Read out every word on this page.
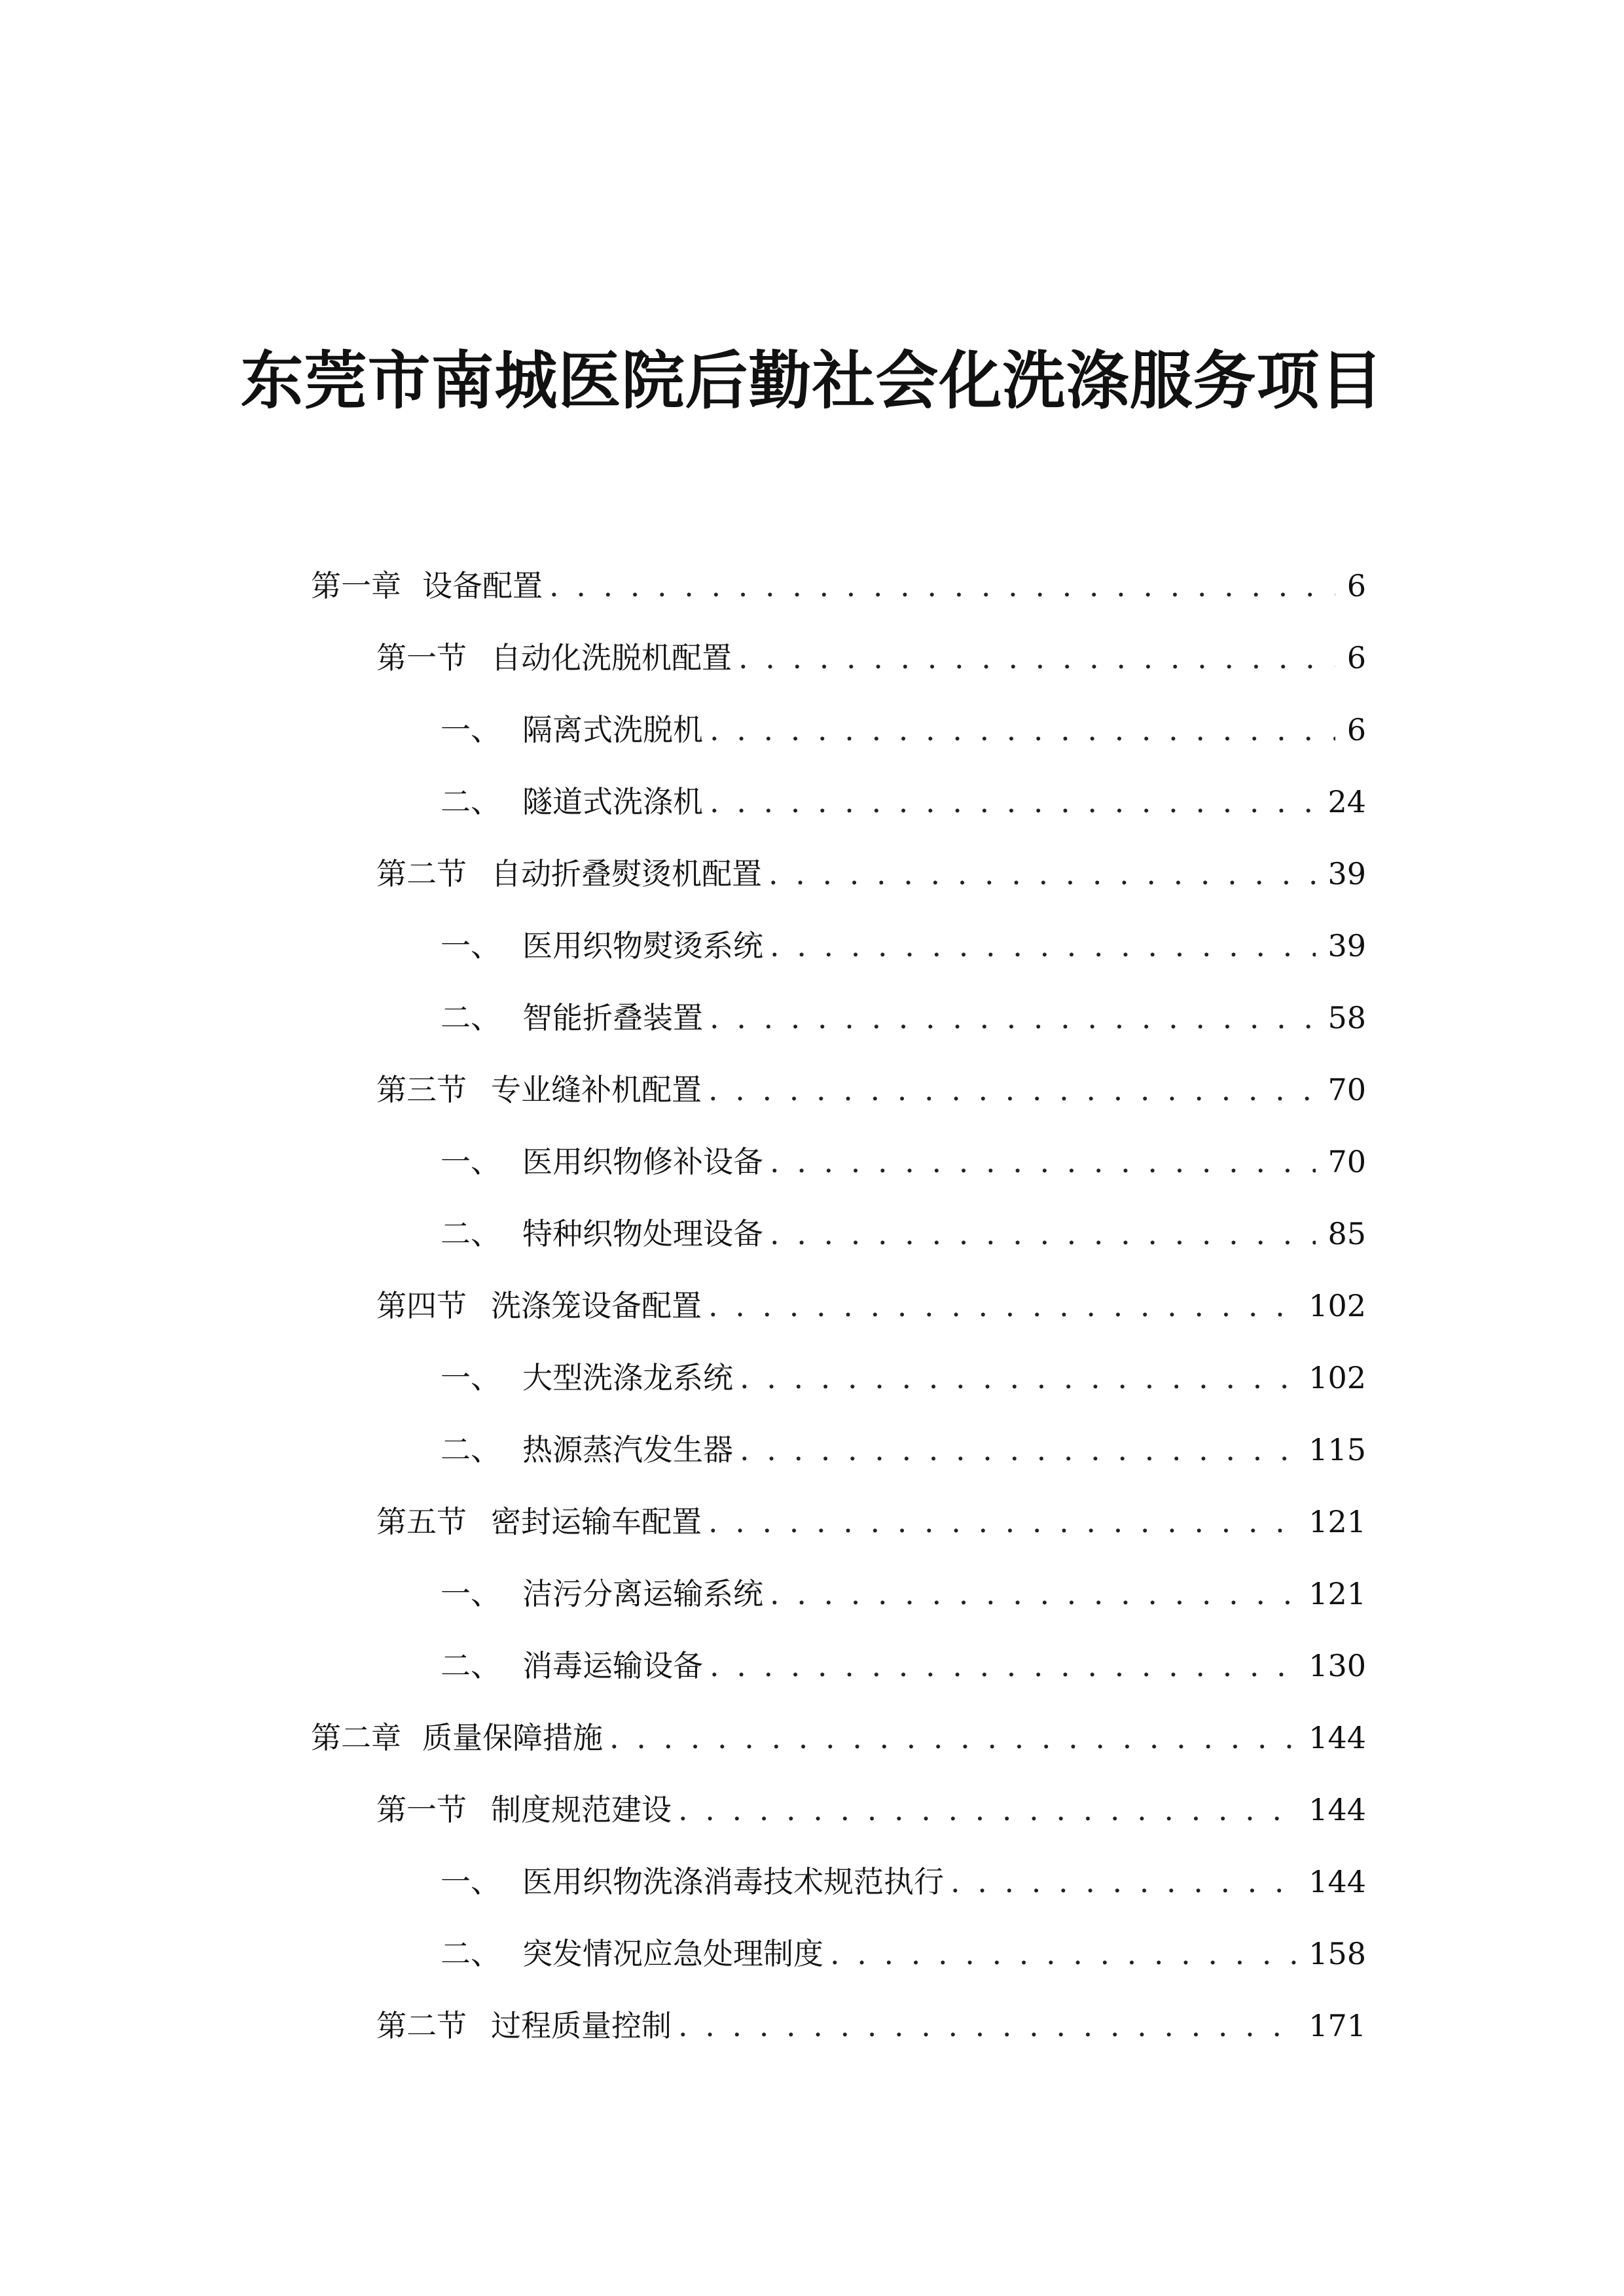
东莞市南城医院后勤社会化洗涤服务项目
第一章 设备配置 . . .	6
第一节 自动化洗脱机配置 . . .	6
一、 隔离式洗脱机 . . .	6
二、 隧道式洗涤机 . . .	24
第二节 自动折叠熨烫机配置 . . .	39
一、 医用织物熨烫系统 . . .	39
二、 智能折叠装置 . . .	58
第三节 专业缝补机配置 . . .	70
一、 医用织物修补设备 . . .	70
二、 特种织物处理设备 . . .	85
第四节 洗涤笼设备配置 . . .	102
一、 大型洗涤龙系统 . . .	102
二、 热源蒸汽发生器 . . .	115
第五节 密封运输车配置 . . .	121
一、 洁污分离运输系统 . . .	121
二、 消毒运输设备 . . .	130
第二章 质量保障措施 . . .	144
第一节 制度规范建设 . . .	144
一、 医用织物洗涤消毒技术规范执行 . . .	144
二、 突发情况应急处理制度 . . .	158
第二节 过程质量控制 . . .	171
